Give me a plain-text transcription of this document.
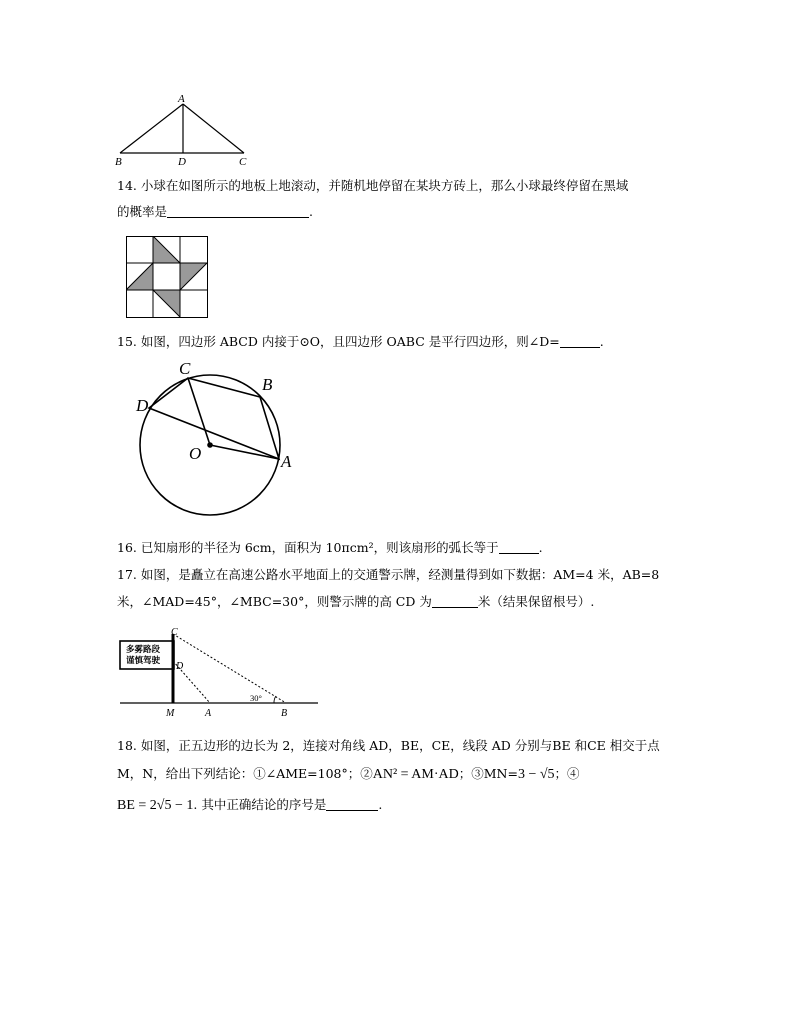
A
B	D	C
14. 小球在如图所示的地板上地滚动，并随机地停留在某块方砖上，那么小球最终停留在黑域
的概率是	.
15. 如图，四边形 ABCD 内接于⊙O，且四边形 OABC 是平行四边形，则∠D=	.
C
B
D
O	A
16. 已知扇形的半径为 6cm，面积为 10πcm²，则该扇形的弧长等于	.
17. 如图，是矗立在高速公路水平地面上的交通警示牌，经测量得到如下数据：AM=4 米，AB=8
米，∠MAD=45°，∠MBC=30°，则警示牌的高 CD 为	米（结果保留根号）.
多雾路段
谨慎驾驶
C
D
M	A	B
30°
18. 如图，正五边形的边长为 2，连接对角线 AD，BE，CE，线段 AD 分别与BE 和CE 相交于点
M，N，给出下列结论：①∠AME=108°；②AN² = AM·AD；③MN=3 − √5；④
BE = 2√5 − 1. 其中正确结论的序号是	.
